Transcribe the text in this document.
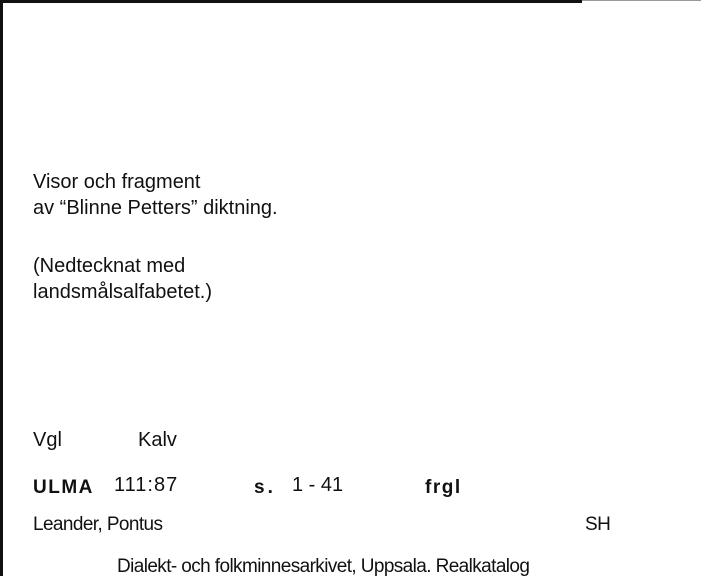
Visor och fragment
av “Blinne Petters” diktning.
(Nedtecknat med
landsmålsalfabetet.)
Vgl	Kalv
ULMA 111:87	s. 1 - 41	frgl
Leander, Pontus	SH
Dialekt- och folkminnesarkivet, Uppsala. Realkatalog
